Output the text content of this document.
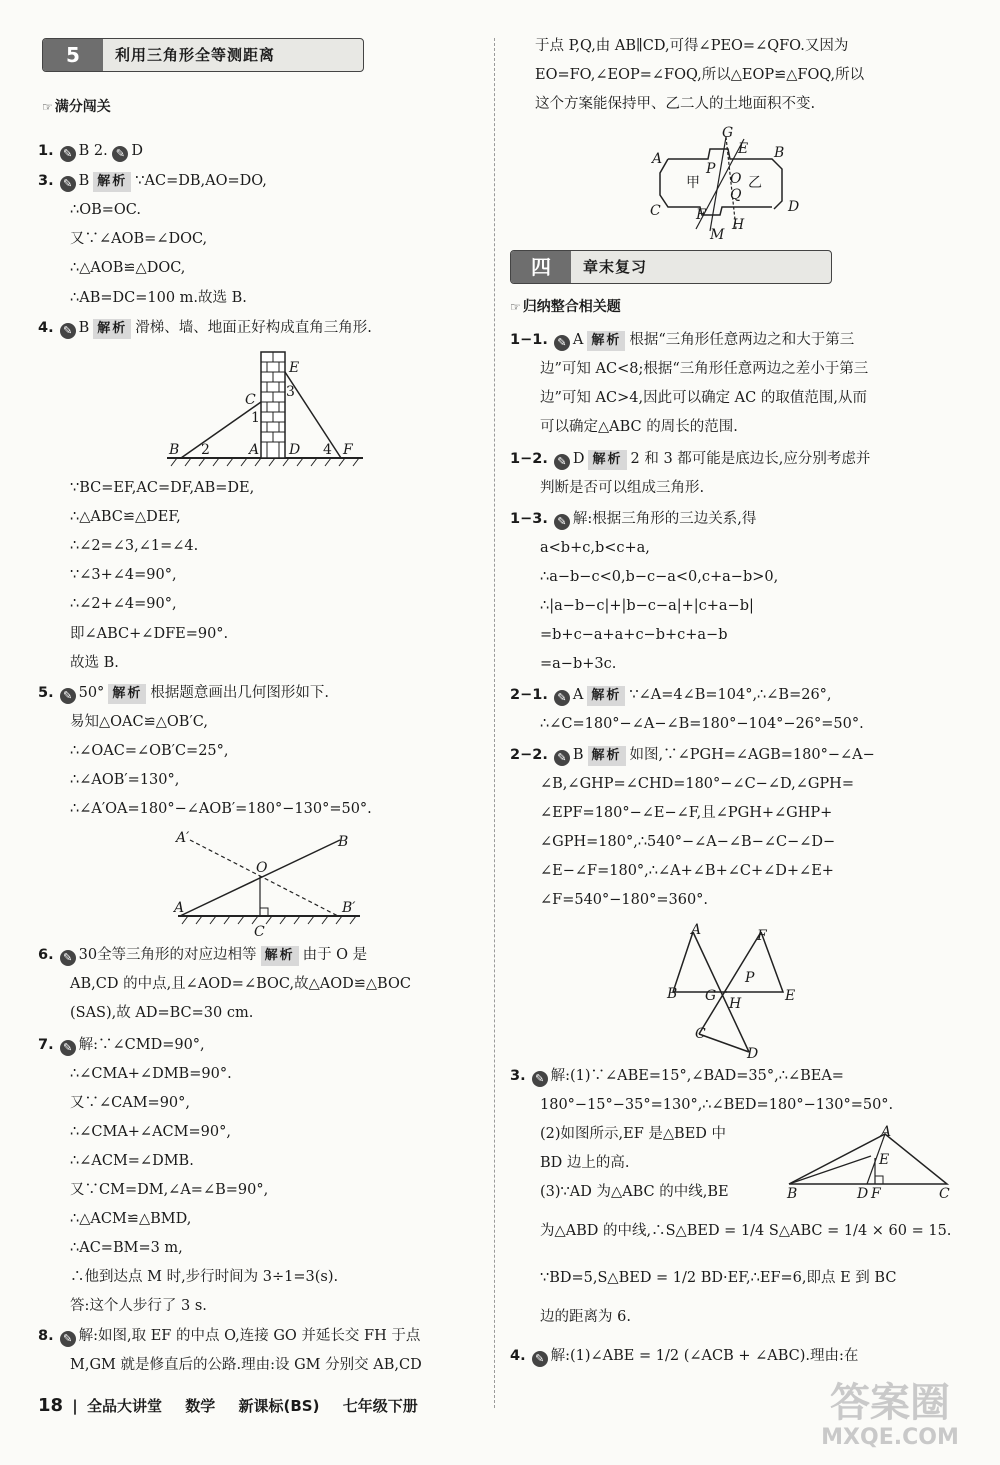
5	利用三角形全等测距离
☞ 满分闯关
1. ✎ B 2. ✎ D
3. ✎ B 解析 ∵AC=DB,AO=DO,
∴OB=OC.
又∵∠AOB=∠DOC,
∴△AOB≌△DOC,
∴AB=DC=100 m.故选 B.
4. ✎ B 解析 滑梯、墙、地面正好构成直角三角形.
∵BC=EF,AC=DF,AB=DE,
∴△ABC≌△DEF,
∴∠2=∠3,∠1=∠4.
∵∠3+∠4=90°,
∴∠2+∠4=90°,
即∠ABC+∠DFE=90°.
故选 B.
5. ✎ 50° 解析 根据题意画出几何图形如下.
易知△OAC≌△OB′C,
∴∠OAC=∠OB′C=25°,
∴∠AOB′=130°,
∴∠A′OA=180°−∠AOB′=180°−130°=50°.
6. ✎ 30全等三角形的对应边相等 解析 由于 O 是
AB,CD 的中点,且∠AOD=∠BOC,故△AOD≌△BOC
(SAS),故 AD=BC=30 cm.
7. ✎ 解:∵∠CMD=90°,
∴∠CMA+∠DMB=90°.
又∵∠CAM=90°,
∴∠CMA+∠ACM=90°,
∴∠ACM=∠DMB.
又∵CM=DM,∠A=∠B=90°,
∴△ACM≌△BMD,
∴AC=BM=3 m,
∴他到达点 M 时,步行时间为 3÷1=3(s).
答:这个人步行了 3 s.
8. ✎ 解:如图,取 EF 的中点 O,连接 GO 并延长交 FH 于点
M,GM 就是修直后的公路.理由:设 GM 分别交 AB,CD
B 2	A
C
1
D
E
3
4 F
A′
O
B
A
C
B′
于点 P,Q,由 AB∥CD,可得∠PEO=∠QFO.又因为
EO=FO,∠EOP=∠FOQ,所以△EOP≌△FOQ,所以
这个方案能保持甲、乙二人的土地面积不变.
A
G
E B
P
O
Q
甲	乙
C	F	D
M
H
四	章末复习
☞ 归纳整合相关题
1−1. ✎ A 解析 根据“三角形任意两边之和大于第三
边”可知 AC<8;根据“三角形任意两边之差小于第三
边”可知 AC>4,因此可以确定 AC 的取值范围,从而
可以确定△ABC 的周长的范围.
1−2. ✎ D 解析 2 和 3 都可能是底边长,应分别考虑并
判断是否可以组成三角形.
1−3. ✎ 解:根据三角形的三边关系,得
a<b+c,b<c+a,
∴a−b−c<0,b−c−a<0,c+a−b>0,
∴|a−b−c|+|b−c−a|+|c+a−b|
=b+c−a+a+c−b+c+a−b
=a−b+3c.
2−1. ✎ A 解析 ∵∠A=4∠B=104°,∴∠B=26°,
∴∠C=180°−∠A−∠B=180°−104°−26°=50°.
2−2. ✎ B 解析 如图,∵∠PGH=∠AGB=180°−∠A−
∠B,∠GHP=∠CHD=180°−∠C−∠D,∠GPH=
∠EPF=180°−∠E−∠F,且∠PGH+∠GHP+
∠GPH=180°,∴540°−∠A−∠B−∠C−∠D−
∠E−∠F=180°,∴∠A+∠B+∠C+∠D+∠E+
∠F=540°−180°=360°.
3. ✎ 解:(1)∵∠ABE=15°,∠BAD=35°,∴∠BEA=
180°−15°−35°=130°,∴∠BED=180°−130°=50°.
(2)如图所示,EF 是△BED 中
BD 边上的高.
(3)∵AD 为△ABC 的中线,BE
为△ABD 的中线,∴S△BED = 1/4 S△ABC = 1/4 × 60 = 15.
∵BD=5,S△BED = 1/2 BD·EF,∴EF=6,即点 E 到 BC
边的距离为 6.
4. ✎ 解:(1)∠ABE = 1/2 (∠ACB + ∠ABC).理由:在
A	F
P
B G H	E
C
D
A
E
B	D F	C
18 | 全品大讲堂 数学 新课标(BS) 七年级下册	答案圈
MXQE.COM
